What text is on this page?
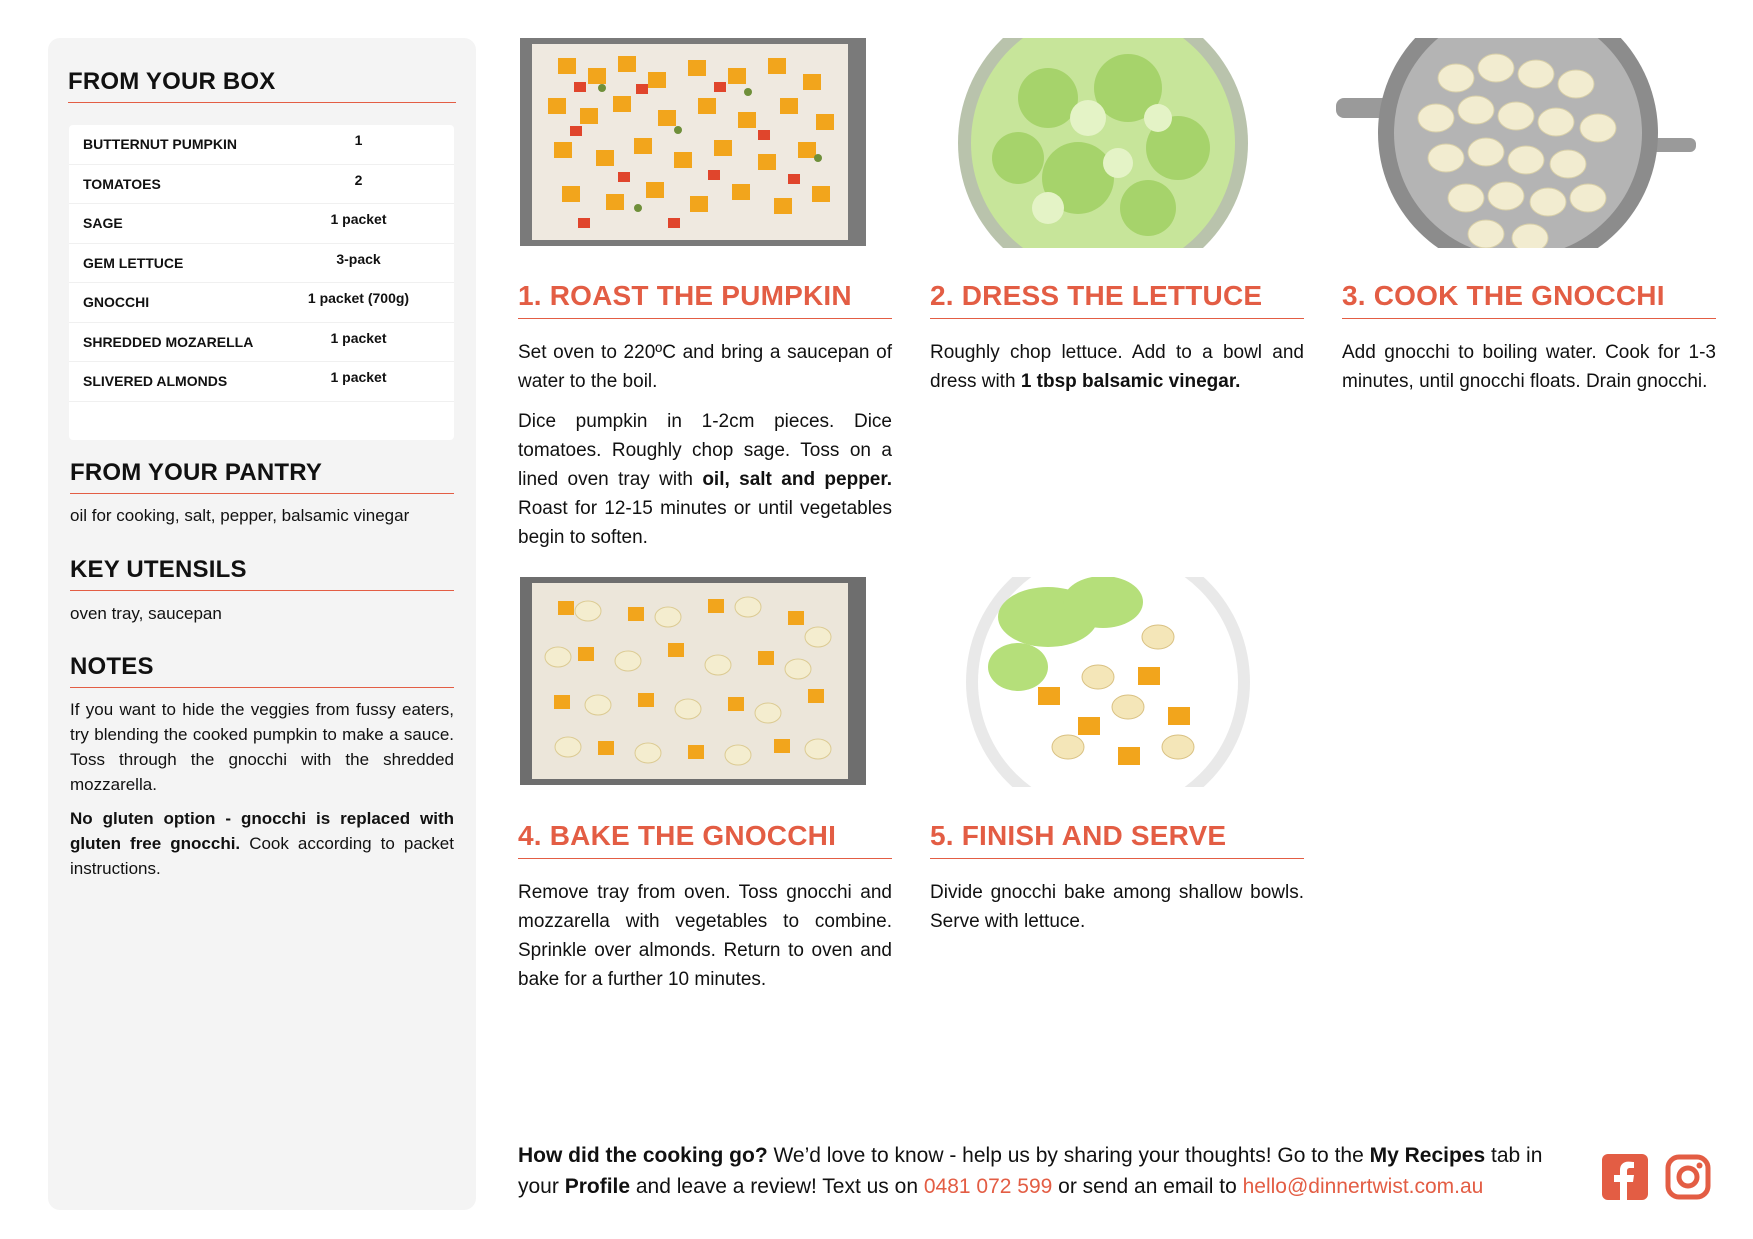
FROM YOUR BOX
BUTTERNUT PUMPKIN	1
TOMATOES	2
SAGE	1 packet
GEM LETTUCE	3-pack
GNOCCHI	1 packet (700g)
SHREDDED MOZARELLA	1 packet
SLIVERED ALMONDS	1 packet
FROM YOUR PANTRY
oil for cooking, salt, pepper, balsamic vinegar
KEY UTENSILS
oven tray, saucepan
NOTES

If you want to hide the veggies from fussy eaters, try blending the cooked pumpkin to make a sauce. Toss through the gnocchi with the shredded mozzarella.

No gluten option - gnocchi is replaced with gluten free gnocchi. Cook according to packet instructions.

1. ROAST THE PUMPKIN

Set oven to 220ºC and bring a saucepan of water to the boil.

Dice pumpkin in 1-2cm pieces. Dice tomatoes. Roughly chop sage. Toss on a lined oven tray with oil, salt and pepper. Roast for 12-15 minutes or until vegetables begin to soften.

2. DRESS THE LETTUCE

Roughly chop lettuce. Add to a bowl and dress with 1 tbsp balsamic vinegar.

3. COOK THE GNOCCHI

Add gnocchi to boiling water. Cook for 1-3 minutes, until gnocchi floats. Drain gnocchi.

4. BAKE THE GNOCCHI

Remove tray from oven. Toss gnocchi and mozzarella with vegetables to combine. Sprinkle over almonds. Return to oven and bake for a further 10 minutes.

5. FINISH AND SERVE

Divide gnocchi bake among shallow bowls. Serve with lettuce.

How did the cooking go? We’d love to know - help us by sharing your thoughts! Go to the My Recipes tab in your Profile and leave a review! Text us on 0481 072 599 or send an email to hello@dinnertwist.com.au
